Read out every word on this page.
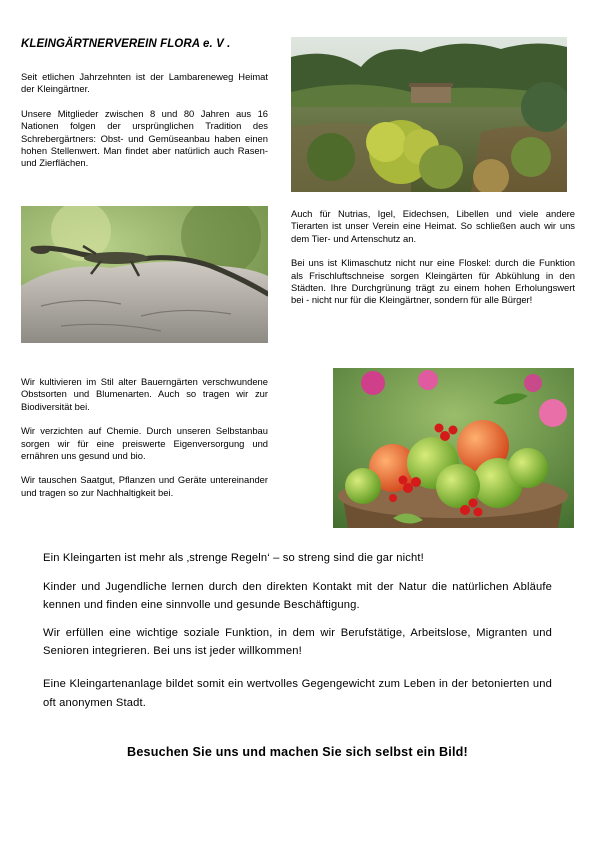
KLEINGÄRTNERVEREIN FLORA e. V .

Seit etlichen Jahrzehnten ist der Lambareneweg Heimat der Kleingärtner.

Unsere Mitglieder zwischen 8 und 80 Jahren aus 16 Nationen folgen der ursprünglichen Tradition des Schrebergärtners: Obst- und Gemüseanbau haben einen hohen Stellenwert. Man findet aber natürlich auch Rasen- und Zierflächen.

Auch für Nutrias, Igel, Eidechsen, Libellen und viele andere Tierarten ist unser Verein eine Heimat. So schließen auch wir uns dem Tier- und Artenschutz an.

Bei uns ist Klimaschutz nicht nur eine Floskel: durch die Funktion als Frischluftschneise sorgen Kleingärten für Abkühlung in den Städten. Ihre Durchgrünung trägt zu einem hohen Erholungswert bei - nicht nur für die Kleingärtner, sondern für alle Bürger!

Wir kultivieren im Stil alter Bauerngärten verschwundene Obstsorten und Blumenarten. Auch so tragen wir zur Biodiversität bei.

Wir verzichten auf Chemie. Durch unseren Selbstanbau sorgen wir für eine preiswerte Eigenversorgung und ernähren uns gesund und bio.

Wir tauschen Saatgut, Pflanzen und Geräte untereinander und tragen so zur Nachhaltigkeit bei.

Ein Kleingarten ist mehr als ‚strenge Regeln‘ – so streng sind die gar nicht!

Kinder und Jugendliche lernen durch den direkten Kontakt mit der Natur die natürlichen Abläufe kennen und finden eine sinnvolle und gesunde Beschäftigung.

Wir erfüllen eine wichtige soziale Funktion, in dem wir Berufstätige, Arbeitslose, Migranten und Senioren integrieren. Bei uns ist jeder willkommen!

Eine Kleingartenanlage bildet somit ein wertvolles Gegengewicht zum Leben in der betonierten und oft anonymen Stadt.

Besuchen Sie uns und machen Sie sich selbst ein Bild!
